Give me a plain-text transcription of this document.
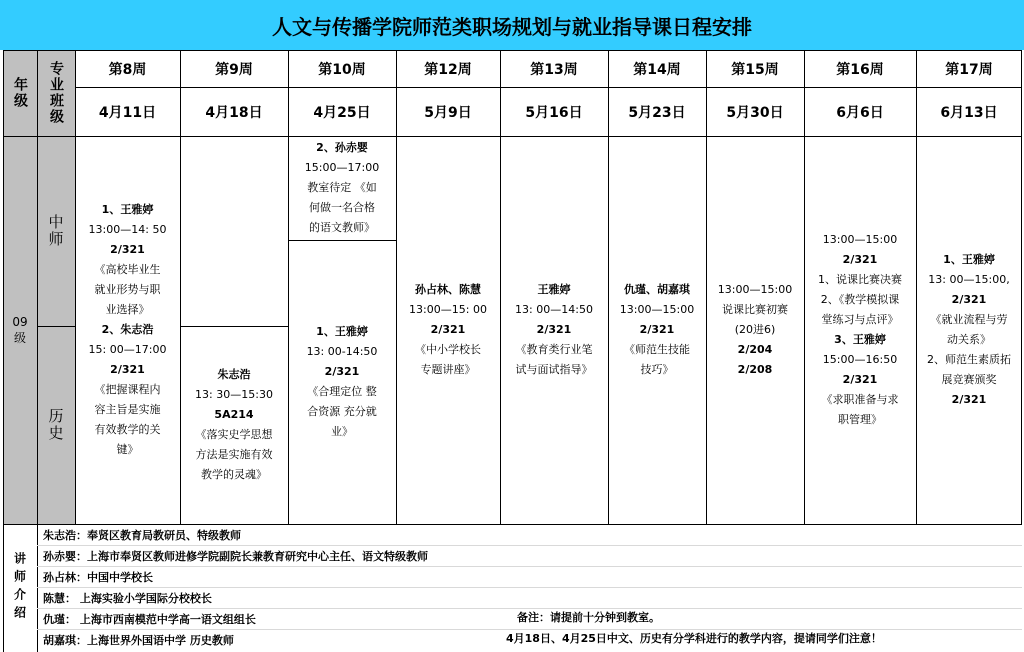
人文与传播学院师范类职场规划与就业指导课日程安排
年级	专业班级	第8周
4月11日
第9周
4月18日
第10周
4月25日
第12周
5月9日
第13周
5月16日
第14周
5月23日
第15周
5月30日
第16周
6月6日
第17周
6月13日
09级
中师
历史
1、王雅婷
13:00—14: 50
2/321
《高校毕业生
就业形势与职
业选择》
2、朱志浩
15: 00—17:00
2/321
《把握课程内
容主旨是实施
有效教学的关
键》
朱志浩
13: 30—15:30
5A214
《落实史学思想
方法是实施有效
教学的灵魂》
2、孙赤婴
15:00—17:00
教室待定 《如
何做一名合格
的语文教师》
1、王雅婷
13: 00-14:50
2/321
《合理定位 整
合资源 充分就
业》
孙占林、陈慧
13:00—15: 00
2/321
《中小学校长
专题讲座》
王雅婷
13: 00—14:50
2/321
《教育类行业笔
试与面试指导》
仇瑾、胡嘉琪
13:00—15:00
2/321
《师范生技能
技巧》
13:00—15:00
说课比赛初赛
(20进6)
2/204
2/208
13:00—15:00
2/321
1、说课比赛决赛
2、《教学模拟课
堂练习与点评》
3、王雅婷
15:00—16:50
2/321
《求职准备与求
职管理》
1、王雅婷
13: 00—15:00,
2/321
《就业流程与劳
动关系》
2、师范生素质拓
展竞赛颁奖
2/321
讲师介绍
朱志浩：奉贤区教育局教研员、特级教师
孙赤婴：上海市奉贤区教师进修学院副院长兼教育研究中心主任、语文特级教师
孙占林：中国中学校长
陈慧： 上海实验小学国际分校校长
仇瑾： 上海市西南模范中学高一语文组组长
胡嘉琪：上海世界外国语中学 历史教师
备注：请提前十分钟到教室。
4月18日、4月25日中文、历史有分学科进行的教学内容，提请同学们注意！
